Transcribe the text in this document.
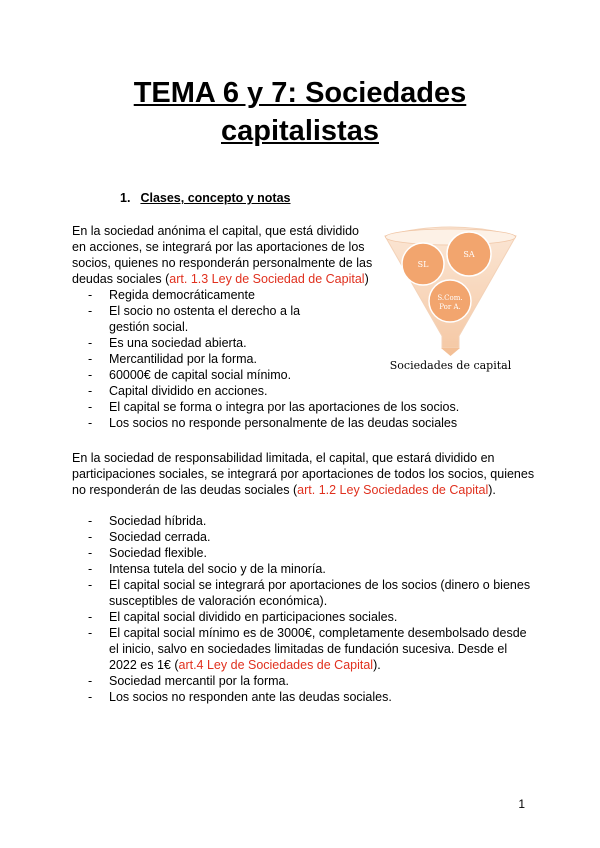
TEMA 6 y 7: Sociedades
capitalistas
1. Clases, concepto y notas
En la sociedad anónima el capital, que está dividido
en acciones, se integrará por las aportaciones de los
socios, quienes no responderán personalmente de las
deudas sociales (art. 1.3 Ley de Sociedad de Capital)
- Regida democráticamente
- El socio no ostenta el derecho a la gestión social.
- Es una sociedad abierta.
- Mercantilidad por la forma.
- 60000€ de capital social mínimo.
- Capital dividido en acciones.
- El capital se forma o integra por las aportaciones de los socios.
- Los socios no responde personalmente de las deudas sociales
SL
SA
S.Com. Por A.
Sociedades de capital
En la sociedad de responsabilidad limitada, el capital, que estará dividido en
participaciones sociales, se integrará por aportaciones de todos los socios, quienes
no responderán de las deudas sociales (art. 1.2 Ley Sociedades de Capital).
- Sociedad híbrida.
- Sociedad cerrada.
- Sociedad flexible.
- Intensa tutela del socio y de la minoría.
- El capital social se integrará por aportaciones de los socios (dinero o bienes susceptibles de valoración económica).
- El capital social dividido en participaciones sociales.
- El capital social mínimo es de 3000€, completamente desembolsado desde el inicio, salvo en sociedades limitadas de fundación sucesiva. Desde el 2022 es 1€ (art.4 Ley de Sociedades de Capital).
- Sociedad mercantil por la forma.
- Los socios no responden ante las deudas sociales.
1
